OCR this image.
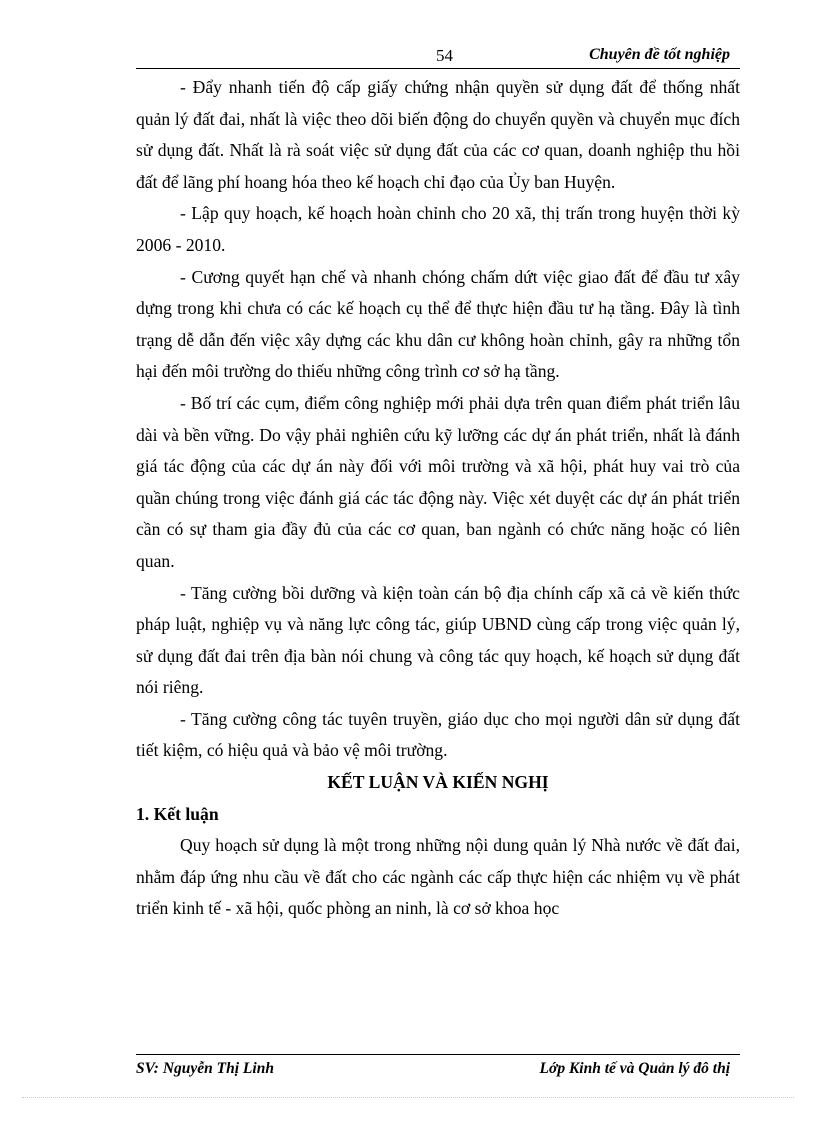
54	Chuyên đề tốt nghiệp

- Đẩy nhanh tiến độ cấp giấy chứng nhận quyền sử dụng đất để thống nhất quản lý đất đai, nhất là việc theo dõi biến động do chuyển quyền và chuyển mục đích sử dụng đất. Nhất là rà soát việc sử dụng đất của các cơ quan, doanh nghiệp thu hồi đất để lãng phí hoang hóa theo kế hoạch chỉ đạo của Ủy ban Huyện.

- Lập quy hoạch, kế hoạch hoàn chỉnh cho 20 xã, thị trấn trong huyện thời kỳ 2006 - 2010.

- Cương quyết hạn chế và nhanh chóng chấm dứt việc giao đất để đầu tư xây dựng trong khi chưa có các kế hoạch cụ thể để thực hiện đầu tư hạ tầng. Đây là tình trạng dễ dẫn đến việc xây dựng các khu dân cư không hoàn chỉnh, gây ra những tổn hại đến môi trường do thiếu những công trình cơ sở hạ tầng.

- Bố trí các cụm, điểm công nghiệp mới phải dựa trên quan điểm phát triển lâu dài và bền vững. Do vậy phải nghiên cứu kỹ lưỡng các dự án phát triển, nhất là đánh giá tác động của các dự án này đối với môi trường và xã hội, phát huy vai trò của quần chúng trong việc đánh giá các tác động này. Việc xét duyệt các dự án phát triển cần có sự tham gia đầy đủ của các cơ quan, ban ngành có chức năng hoặc có liên quan.

- Tăng cường bồi dưỡng và kiện toàn cán bộ địa chính cấp xã cả về kiến thức pháp luật, nghiệp vụ và năng lực công tác, giúp UBND cùng cấp trong việc quản lý, sử dụng đất đai trên địa bàn nói chung và công tác quy hoạch, kế hoạch sử dụng đất nói riêng.

- Tăng cường công tác tuyên truyền, giáo dục cho mọi người dân sử dụng đất tiết kiệm, có hiệu quả và bảo vệ môi trường.

KẾT LUẬN VÀ KIẾN NGHỊ
1. Kết luận

Quy hoạch sử dụng là một trong những nội dung quản lý Nhà nước về đất đai, nhằm đáp ứng nhu cầu về đất cho các ngành các cấp thực hiện các nhiệm vụ về phát triển kinh tế - xã hội, quốc phòng an ninh, là cơ sở khoa học

SV: Nguyễn Thị Linh	Lớp Kinh tế và Quản lý đô thị
